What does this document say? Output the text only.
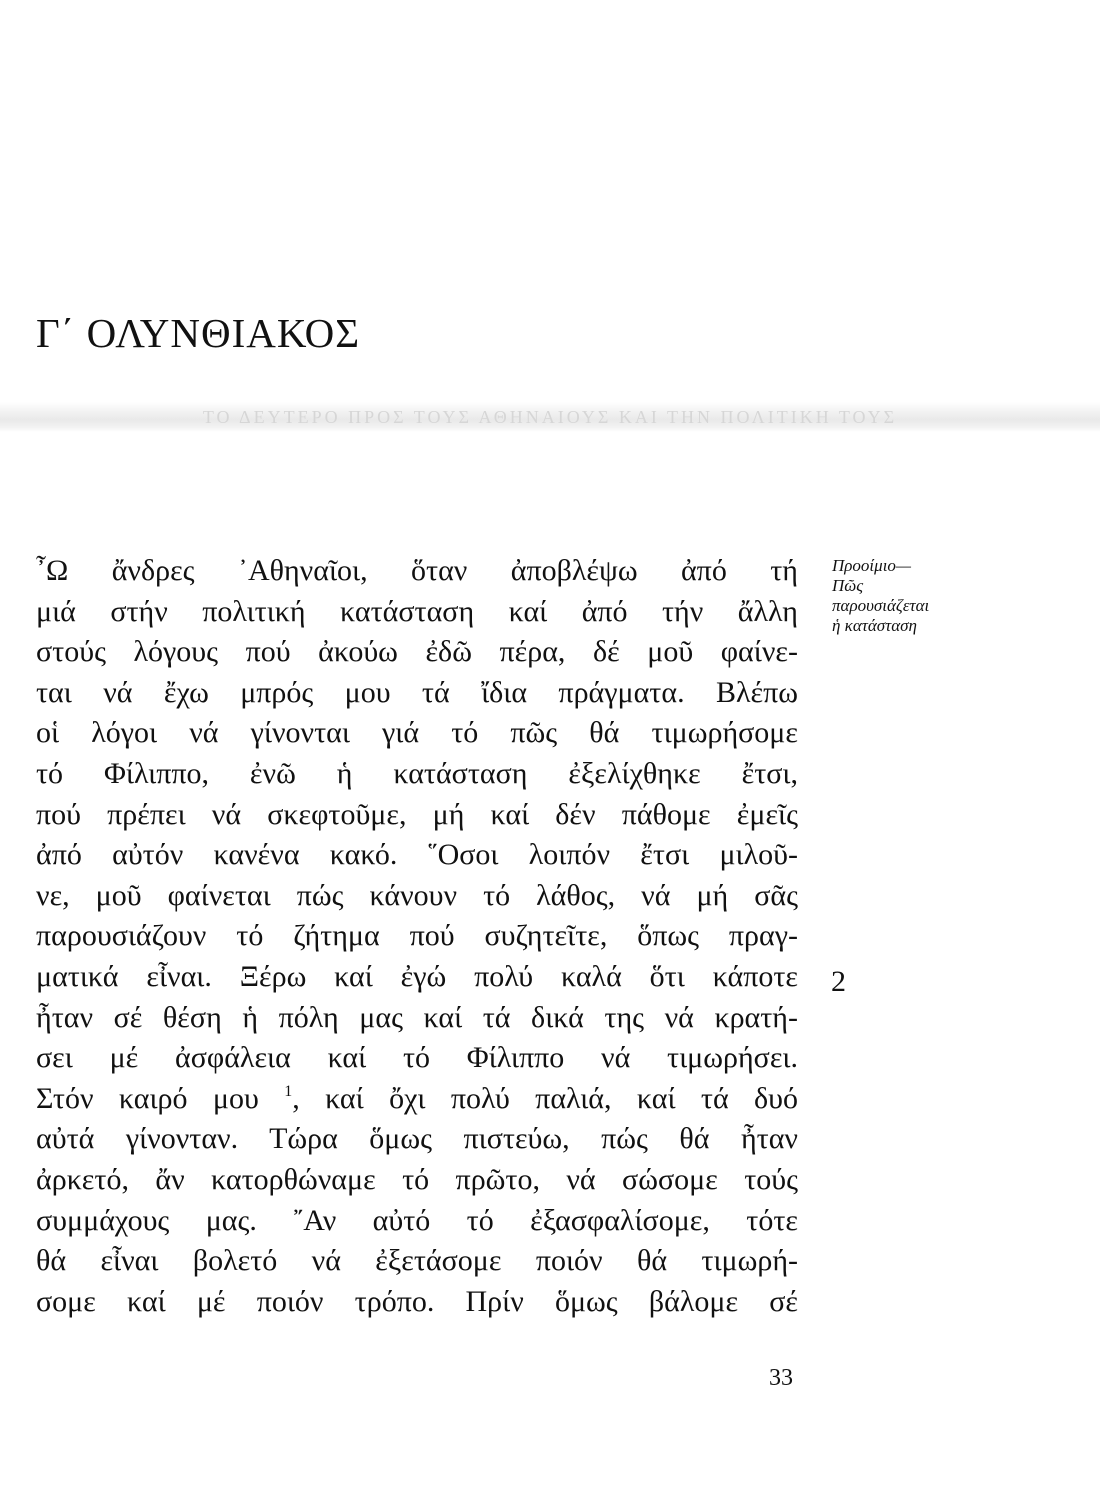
Γ΄ ΟΛΥΝΘΙΑΚΟΣ
ΤΟ ΔΕΥΤΕΡΟ ΠΡΟΣ ΤΟΥΣ ΑΘΗΝΑΙΟΥΣ ΚΑΙ ΤΗΝ ΠΟΛΙΤΙΚΗ ΤΟΥΣ
῏Ω ἄνδρες ᾽Αθηναῖοι, ὅταν ἀποβλέψω ἀπό τή
μιά στήν πολιτική κατάσταση καί ἀπό τήν ἄλλη
στούς λόγους πού ἀκούω ἐδῶ πέρα, δέ μοῦ φαίνε-
ται νά ἔχω μπρός μου τά ἴδια πράγματα. Βλέπω
οἱ λόγοι νά γίνονται γιά τό πῶς θά τιμωρήσομε
τό Φίλιππο, ἐνῶ ἡ κατάσταση ἐξελίχθηκε ἔτσι,
πού πρέπει νά σκεφτοῦμε, μή καί δέν πάθομε ἐμεῖς
ἀπό αὐτόν κανένα κακό. ῞Οσοι λοιπόν ἔτσι μιλοῦ-
νε, μοῦ φαίνεται πώς κάνουν τό λάθος, νά μή σᾶς
παρουσιάζουν τό ζήτημα πού συζητεῖτε, ὅπως πραγ-
ματικά εἶναι. Ξέρω καί ἐγώ πολύ καλά ὅτι κάποτε
ἦταν σέ θέση ἡ πόλη μας καί τά δικά της νά κρατή-
σει μέ ἀσφάλεια καί τό Φίλιππο νά τιμωρήσει.
Στόν καιρό μου $^1$, καί ὄχι πολύ παλιά, καί τά δυό
αὐτά γίνονταν. Τώρα ὅμως πιστεύω, πώς θά ἦταν
ἀρκετό, ἄν κατορθώναμε τό πρῶτο, νά σώσομε τούς
συμμάχους μας. ῎Αν αὐτό τό ἐξασφαλίσομε, τότε
θά εἶναι βολετό νά ἐξετάσομε ποιόν θά τιμωρή-
σομε καί μέ ποιόν τρόπο. Πρίν ὅμως βάλομε σέ
Προοίμιο—
Πῶς
παρουσιάζεται
ἡ κατάσταση
2
33
